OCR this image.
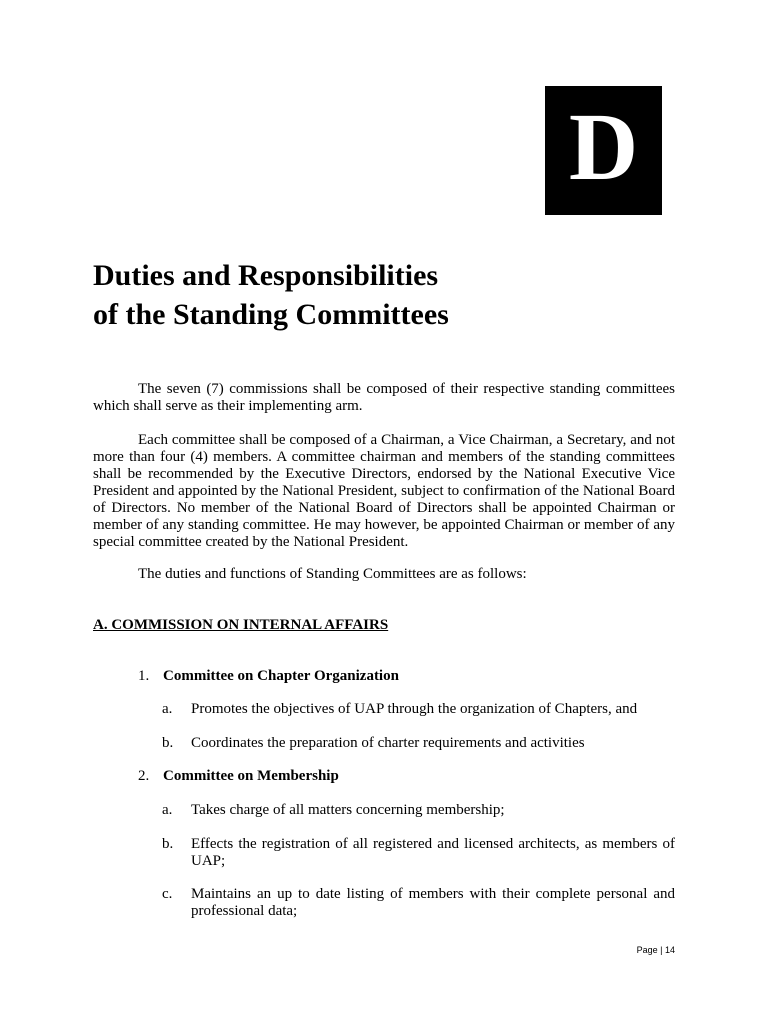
D
Duties and Responsibilities
of the Standing Committees

The seven (7) commissions shall be composed of their respective standing committees which shall serve as their implementing arm.

Each committee shall be composed of a Chairman, a Vice Chairman, a Secretary, and not more than four (4) members. A committee chairman and members of the standing committees shall be recommended by the Executive Directors, endorsed by the National Executive Vice President and appointed by the National President, subject to confirmation of the National Board of Directors. No member of the National Board of Directors shall be appointed Chairman or member of any standing committee. He may however, be appointed Chairman or member of any special committee created by the National President.

The duties and functions of Standing Committees are as follows:

A. COMMISSION ON INTERNAL AFFAIRS
1. Committee on Chapter Organization
a.	Promotes the objectives of UAP through the organization of Chapters, and
b.	Coordinates the preparation of charter requirements and activities
2. Committee on Membership
a.	Takes charge of all matters concerning membership;
b.	Effects the registration of all registered and licensed architects, as members of UAP;
c.	Maintains an up to date listing of members with their complete personal and professional data;
Page | 14
